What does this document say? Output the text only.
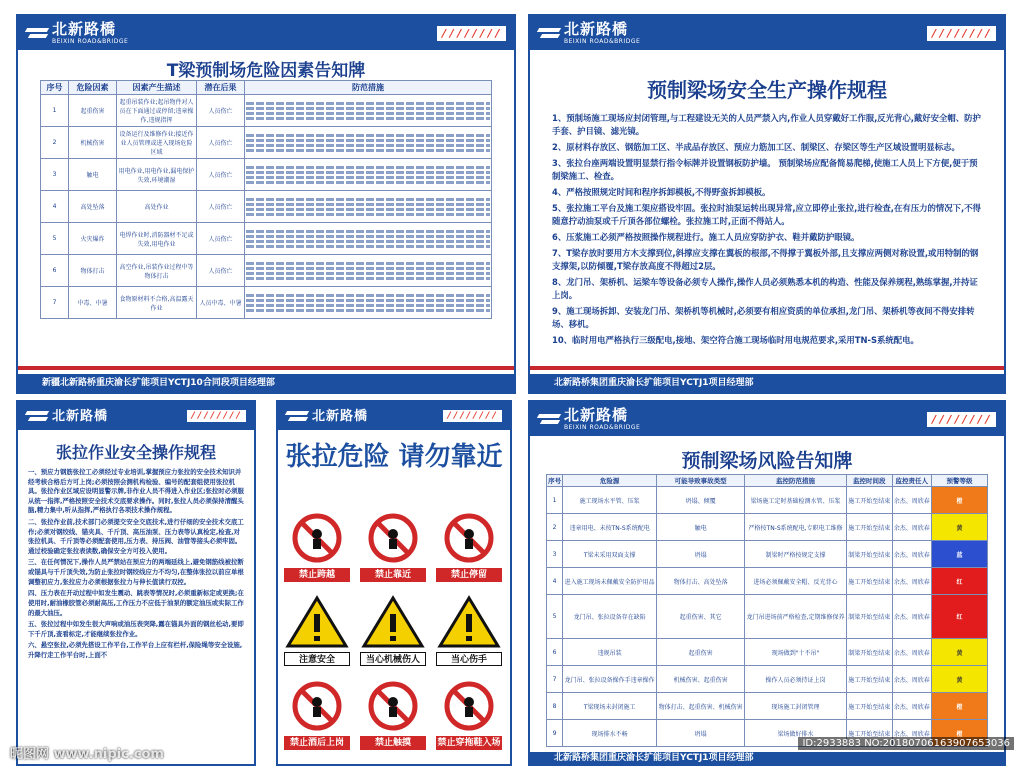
北新路橋
BEIXIN ROAD&BRIDGE
////////
T梁预制场危险因素告知牌
序号	危险因素	因素产生描述	潜在后果	防范措施
1	起重伤害	起重吊装作业;起吊物件对人员在下面通过或停留;违章操作,违规指挥	人员伤亡	

2	机械伤害	设备运行及维修作业;接近作业人员管理或进入现场危险区域	人员伤亡	

3	触电	用电作业,用电作业,漏电保护失效,环境潮湿	人员伤亡	

4	高处坠落	高处作业	人员伤亡	

5	火灾爆炸	电焊作业时,消防器材不足或失效,用电作业	人员伤亡	

6	物体打击	高空作业,吊装作业过程中等物体打击	人员伤亡	

7	中毒、中暑	食物原材料不合格,高温露天作业	人员中毒、中暑	
新疆北新路桥重庆渝长扩能项目YCTJ10合同段项目经理部
北新路橋
BEIXIN ROAD&BRIDGE
////////
预制梁场安全生产操作规程
1、预制场施工现场应封闭管理,与工程建设无关的人员严禁入内,作业人员穿戴好工作服,反光背心,戴好安全帽、防护手套、护目镜、滤光镜。
2、原材料存放区、钢筋加工区、半成品存放区、预应力筋加工区、制梁区、存梁区等生产区域设置明显标志。
3、张拉台座两端设置明显禁行指令标牌并设置钢板防护墙。 预制梁场应配备简易爬梯,使施工人员上下方便,便于预制梁施工、检查。
4、严格按照规定时间和程序拆卸模板,不得野蛮拆卸模板。
5、张拉施工平台及施工架应搭设牢固。张拉时油泵运转出现异常,应立即停止张拉,进行检查,在有压力的情况下,不得随意拧动油泵或千斤顶各部位螺栓。张拉施工时,正面不得站人。
6、压浆施工必须严格按照操作规程进行。施工人员应穿防护衣、鞋并戴防护眼镜。
7、T梁存放时要用方木支撑到位,斜撑应支撑在翼板的根部,不得撑于翼板外部,且支撑应两侧对称设置,或用特制的钢支撑架,以防倾覆,T梁存放高度不得超过2层。
8、龙门吊、架桥机、运梁车等设备必须专人操作,操作人员必须熟悉本机的构造、性能及保养规程,熟练掌握,并持证上岗。
9、施工现场拆卸、安装龙门吊、架桥机等机械时,必须要有相应资质的单位承担,龙门吊、架桥机等夜间不得安排转场、移机。
10、临时用电严格执行三级配电,接地、架空符合施工现场临时用电规范要求,采用TN-S系统配电。
北新路桥集团重庆渝长扩能项目YCTJ1项目经理部
北新路橋	////////
张拉作业安全操作规程
一、预应力钢筋张拉工必须经过专业培训,掌握预应力张拉的安全技术知识并经考核合格后方可上岗;必须按照会测机构检验、编号的配套组使用张拉机具。张拉作业区域应设明显警示牌,非作业人员不得进入作业区;张拉时必须服从统一指挥,严格按照安全技术交底要求操作。同时,张拉人员必须保持清醒头脑,精力集中,听从指挥,严格执行各项技术操作规程。
二、张拉作业前,技术部门必须提交安全交底技术,进行仔细的安全技术交底工作;必须对钢绞线、锚夹具、千斤顶、高压油泵、压力表等认真检定,检查,对张拉机具、千斤顶等必须配套使用,压力表、持压阀、油管等接头必须牢固。通过校验确定张拉表读数,确保安全方可投入使用。
三、在任何情况下,操作人员严禁站在预应力的两端延线上,避免钢筋线被拉断或锚具与千斤顶失效,为防止张拉时钢绞线应力不均匀,在整体张拉以前应单根调整初应力,张拉应力必须根据张拉力与伸长值读行双控。
四、压力表在开动过程中如发生震动、跳表等情况时,必须重新标定或更换;在使用时,耐油橡胶管必须耐高压,工作压力不应低于油泵的额定油压或实际工作的最大油压。
五、张拉过程中如发生很大声响或油压表突降,露在锚具外面的钢丝松动,要即下千斤顶,查看标定,才能继续张拉作业。
六、悬空张拉,必须先搭设工作平台,工作平台上应有栏杆,保险绳等安全设施,升降行走工作平台时,上面不
北新路橋	////////
张拉危险 请勿靠近
禁止跨越	禁止靠近	禁止停留
注意安全	当心机械伤人	当心伤手
禁止酒后上岗	禁止触摸	禁止穿拖鞋入场
北新路橋
BEIXIN ROAD&BRIDGE
////////
预制梁场风险告知牌
序号	危险源	可能导致事故类型	监控防范措施	监控时间段	监控责任人	预警等级
1	施工现场水平管、压浆	坍塌、倾覆	梁场施工定时基础检测水管、压浆	施工开始至结束	余杰、周欣春	橙
2	违章用电、未按TN-S系统配电	触电	严格按TN-S系统配电,专职电工维修	施工开始至结束	余杰、周欣春	黄
3	T梁未采用双面支撑	坍塌	制梁时严格按规定支撑	制梁开始至结束	余杰、周欣春	蓝
4	进入施工现场未佩戴安全防护用品	物体打击、高处坠落	进场必须佩戴安全帽、反光背心	施工开始至结束	余杰、周欣春	红
5	龙门吊、张拉设备存在缺陷	起重伤害、其它	龙门吊进场前严格检查,定期维修保养	制梁开始至结束	余杰、周欣春	红
6	违规吊装	起重伤害	现场做到"十不吊"	制梁开始至结束	余杰、周欣春	黄
7	龙门吊、张拉设备操作手违章操作	机械伤害、起重伤害	操作人员必须持证上岗	施工开始至结束	余杰、周欣春	黄
8	T梁现场未封闭施工	物体打击、起重伤害、机械伤害	现场施工封闭管理	施工开始至结束	余杰、周欣春	橙
9	现场排水不畅	坍塌	梁场做好排水	施工开始至结束	余杰、周欣春	橙
北新路桥集团重庆渝长扩能项目YCTJ1项目经理部
昵图网 www.nipic.com
ID:2933883 NO:20180706163907653036
